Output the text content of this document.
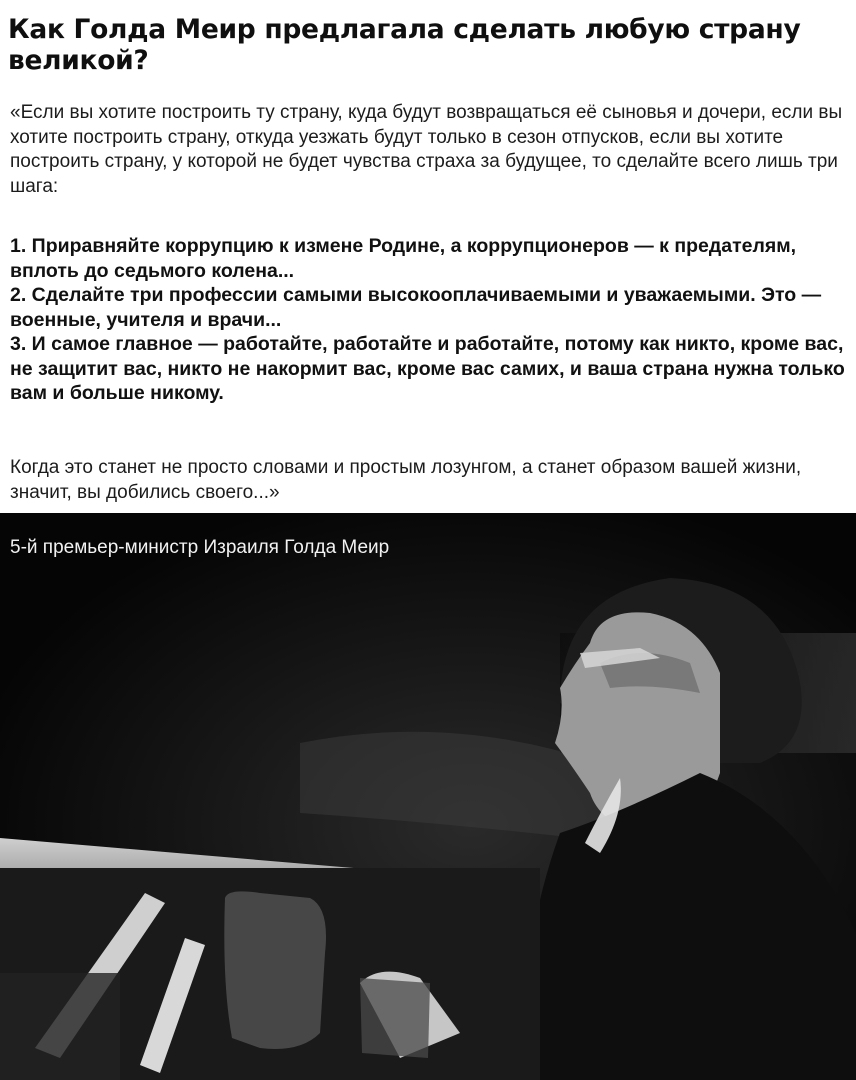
Как Голда Меир предлагала сделать любую страну великой?

«Если вы хотите построить ту страну, куда будут возвращаться её сыновья и дочери, если вы хотите построить страну, откуда уезжать будут только в сезон отпусков, если вы хотите построить страну, у которой не будет чувства страха за будущее, то сделайте всего лишь три шага:

1. Приравняйте коррупцию к измене Родине, а коррупционеров — к предателям, вплоть до седьмого колена...

2. Сделайте три профессии самыми высокооплачиваемыми и уважаемыми. Это — военные, учителя и врачи...

3. И самое главное — работайте, работайте и работайте, потому как никто, кроме вас, не защитит вас, никто не накормит вас, кроме вас самих, и ваша страна нужна только вам и больше никому.

Когда это станет не просто словами и простым лозунгом, а станет образом вашей жизни, значит, вы добились своего...»

5-й премьер-министр Израиля Голда Меир
